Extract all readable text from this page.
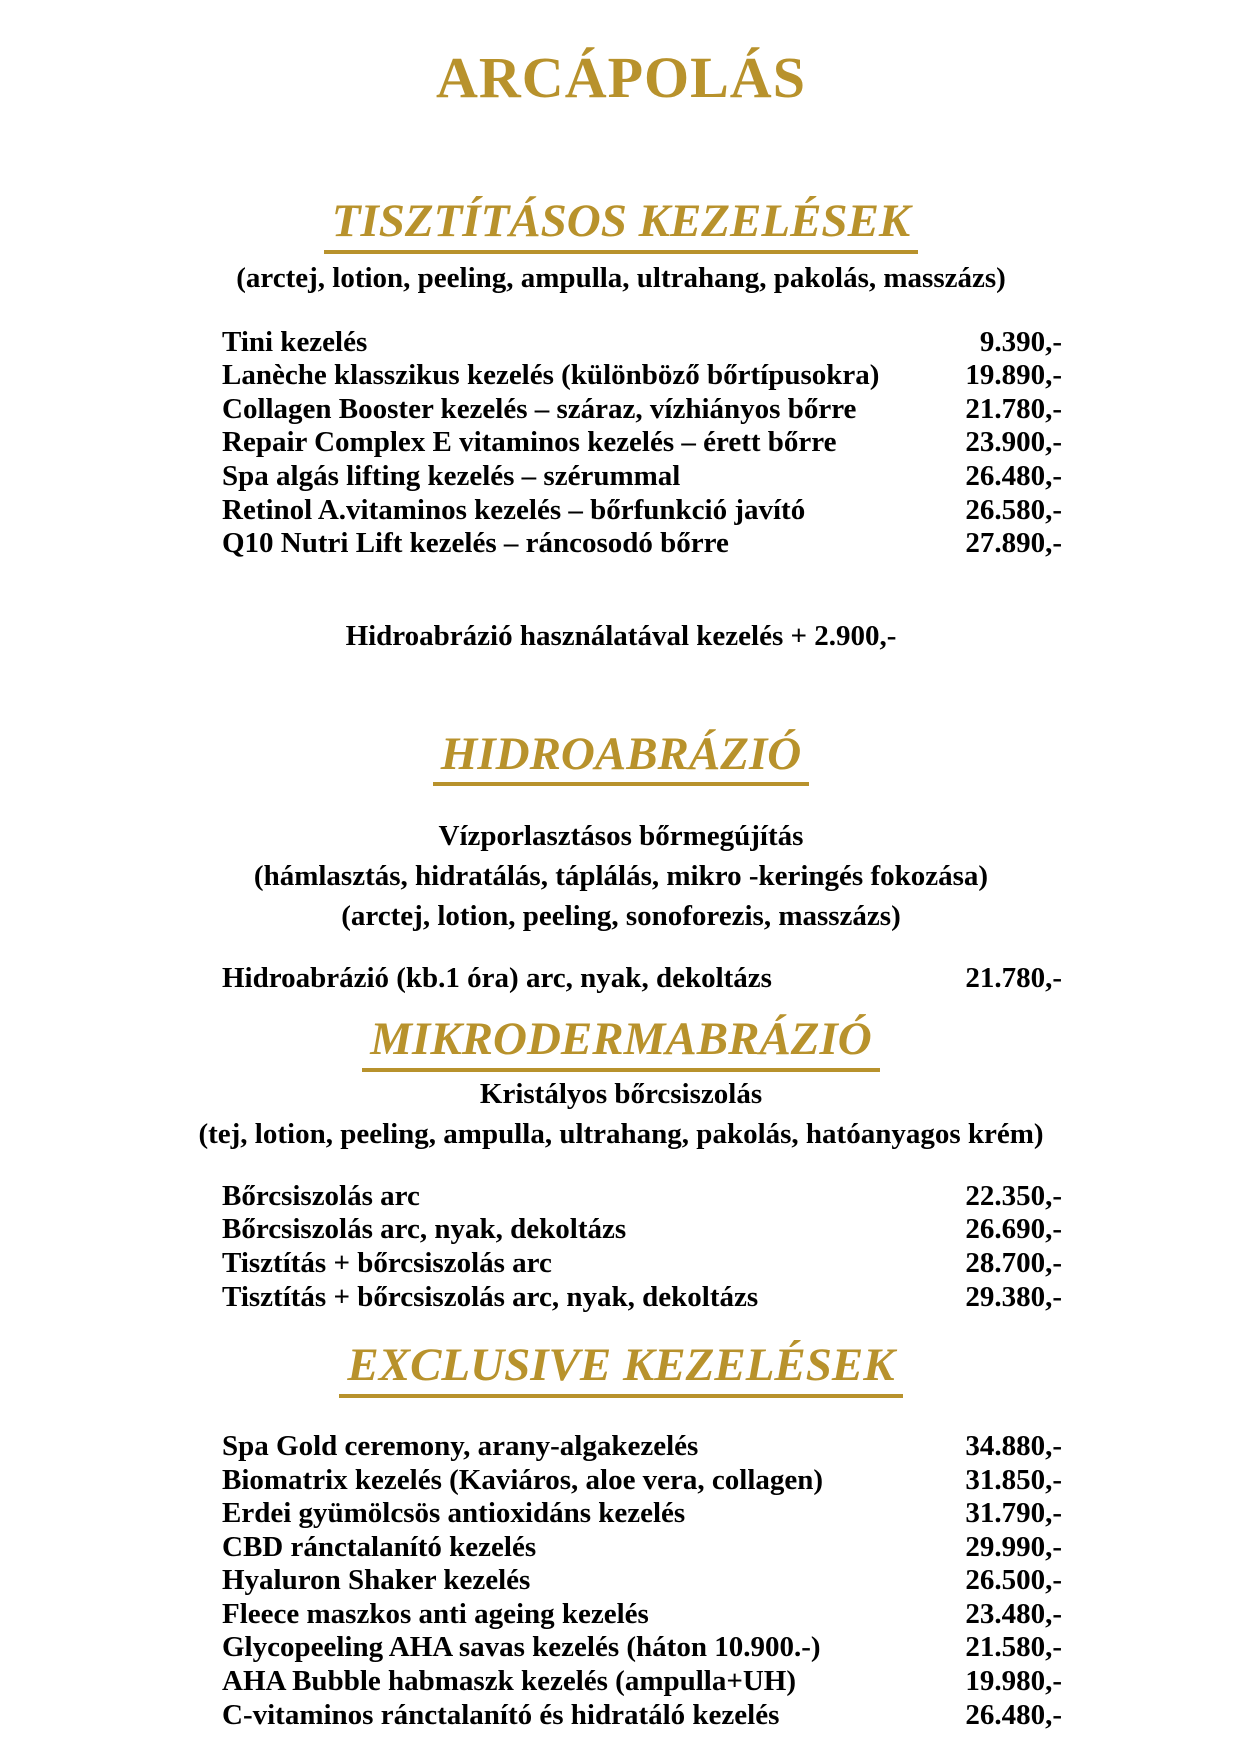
ARCÁPOLÁS
TISZTÍTÁSOS KEZELÉSEK
(arctej, lotion, peeling, ampulla, ultrahang, pakolás, masszázs)
Tini kezelés	9.390,-
Lanèche klasszikus kezelés (különböző bőrtípusokra)	19.890,-
Collagen Booster kezelés – száraz, vízhiányos bőrre	21.780,-
Repair Complex E vitaminos kezelés – érett bőrre	23.900,-
Spa algás lifting kezelés – szérummal	26.480,-
Retinol A.vitaminos kezelés – bőrfunkció javító	26.580,-
Q10 Nutri Lift kezelés – ráncosodó bőrre	27.890,-
Hidroabrázió használatával kezelés + 2.900,-
HIDROABRÁZIÓ
Vízporlasztásos bőrmegújítás
(hámlasztás, hidratálás, táplálás, mikro -keringés fokozása)
(arctej, lotion, peeling, sonoforezis, masszázs)
Hidroabrázió (kb.1 óra) arc, nyak, dekoltázs	21.780,-
MIKRODERMABRÁZIÓ
Kristályos bőrcsiszolás
(tej, lotion, peeling, ampulla, ultrahang, pakolás, hatóanyagos krém)
Bőrcsiszolás arc	22.350,-
Bőrcsiszolás arc, nyak, dekoltázs	26.690,-
Tisztítás + bőrcsiszolás arc	28.700,-
Tisztítás + bőrcsiszolás arc, nyak, dekoltázs	29.380,-
EXCLUSIVE KEZELÉSEK
Spa Gold ceremony, arany-algakezelés	34.880,-
Biomatrix kezelés (Kaviáros, aloe vera, collagen)	31.850,-
Erdei gyümölcsös antioxidáns kezelés	31.790,-
CBD ránctalanító kezelés	29.990,-
Hyaluron Shaker kezelés	26.500,-
Fleece maszkos anti ageing kezelés	23.480,-
Glycopeeling AHA savas kezelés (háton 10.900.-)	21.580,-
AHA Bubble habmaszk kezelés (ampulla+UH)	19.980,-
C-vitaminos ránctalanító és hidratáló kezelés	26.480,-
